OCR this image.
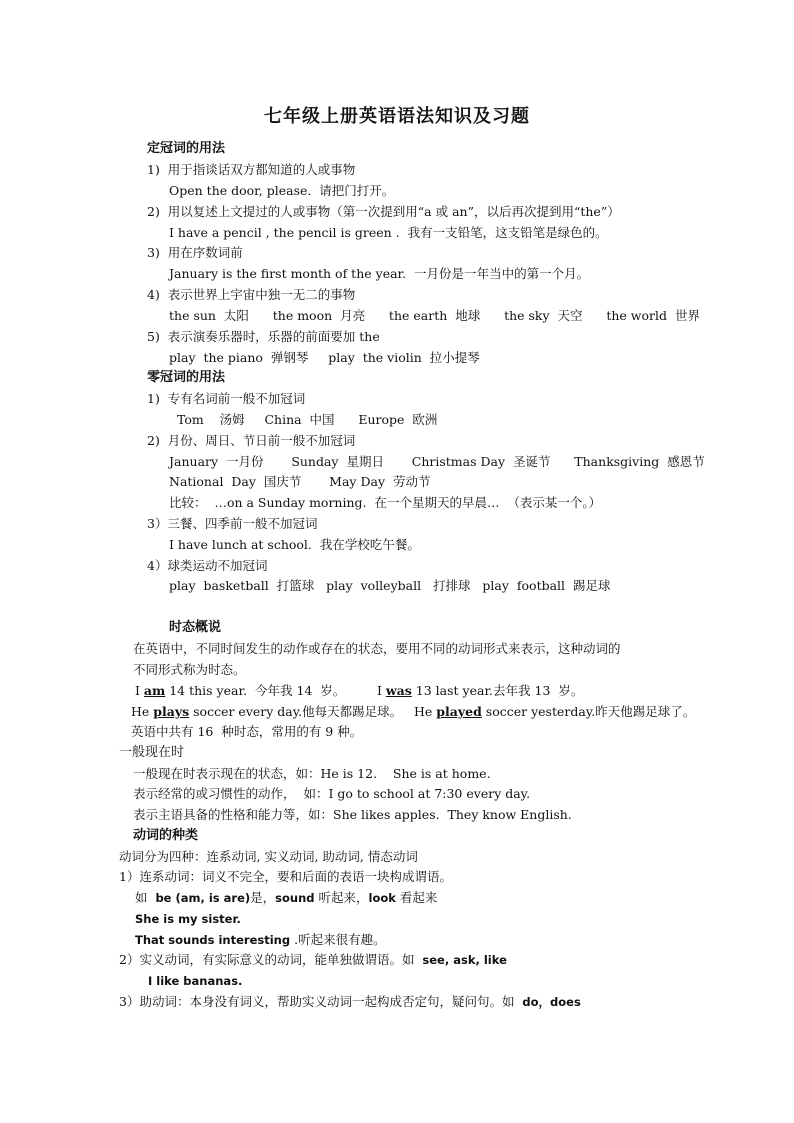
七年级上册英语语法知识及习题
定冠词的用法
1)  用于指谈话双方都知道的人或事物
Open the door, please.  请把门打开。
2)  用以复述上文提过的人或事物（第一次提到用“a 或 an”，以后再次提到用“the”）
I have a pencil , the pencil is green .  我有一支铅笔，这支铅笔是绿色的。
3)  用在序数词前
January is the first month of the year.  一月份是一年当中的第一个月。
4)  表示世界上宇宙中独一无二的事物
the sun  太阳      the moon  月亮      the earth  地球      the sky  天空      the world  世界
5)  表示演奏乐器时，乐器的前面要加 the
play  the piano  弹钢琴     play  the violin  拉小提琴
零冠词的用法
1)  专有名词前一般不加冠词
Tom    汤姆     China  中国      Europe  欧洲
2)  月份、周日、节日前一般不加冠词
January  一月份       Sunday  星期日       Christmas Day  圣诞节      Thanksgiving  感恩节
National  Day  国庆节       May Day  劳动节
比较：  …on a Sunday morning.  在一个星期天的早晨…  （表示某一个。）
3）三餐、四季前一般不加冠词
I have lunch at school.  我在学校吃午餐。
4）球类运动不加冠词
play  basketball  打篮球   play  volleyball   打排球   play  football  踢足球
时态概说
在英语中，不同时间发生的动作或存在的状态，要用不同的动词形式来表示，这种动词的
不同形式称为时态。
I am 14 this year.  今年我 14  岁。	I was 13 last year.去年我 13  岁。
He plays soccer every day.他每天都踢足球。 He played soccer yesterday.昨天他踢足球了。
英语中共有 16  种时态，常用的有 9 种。
一般现在时
一般现在时表示现在的状态，如：He is 12.    She is at home.
表示经常的或习惯性的动作，  如：I go to school at 7:30 every day.
表示主语具备的性格和能力等，如：She likes apples.  They know English.
动词的种类
动词分为四种：连系动词, 实义动词, 助动词, 情态动词
1）连系动词：词义不完全，要和后面的表语一块构成谓语。
如  be (am, is are)是，sound 听起来，look 看起来
She is my sister.
That sounds interesting .听起来很有趣。
2）实义动词，有实际意义的动词，能单独做谓语。如  see, ask, like
I like bananas.
3）助动词：本身没有词义，帮助实义动词一起构成否定句，疑问句。如  do，does
